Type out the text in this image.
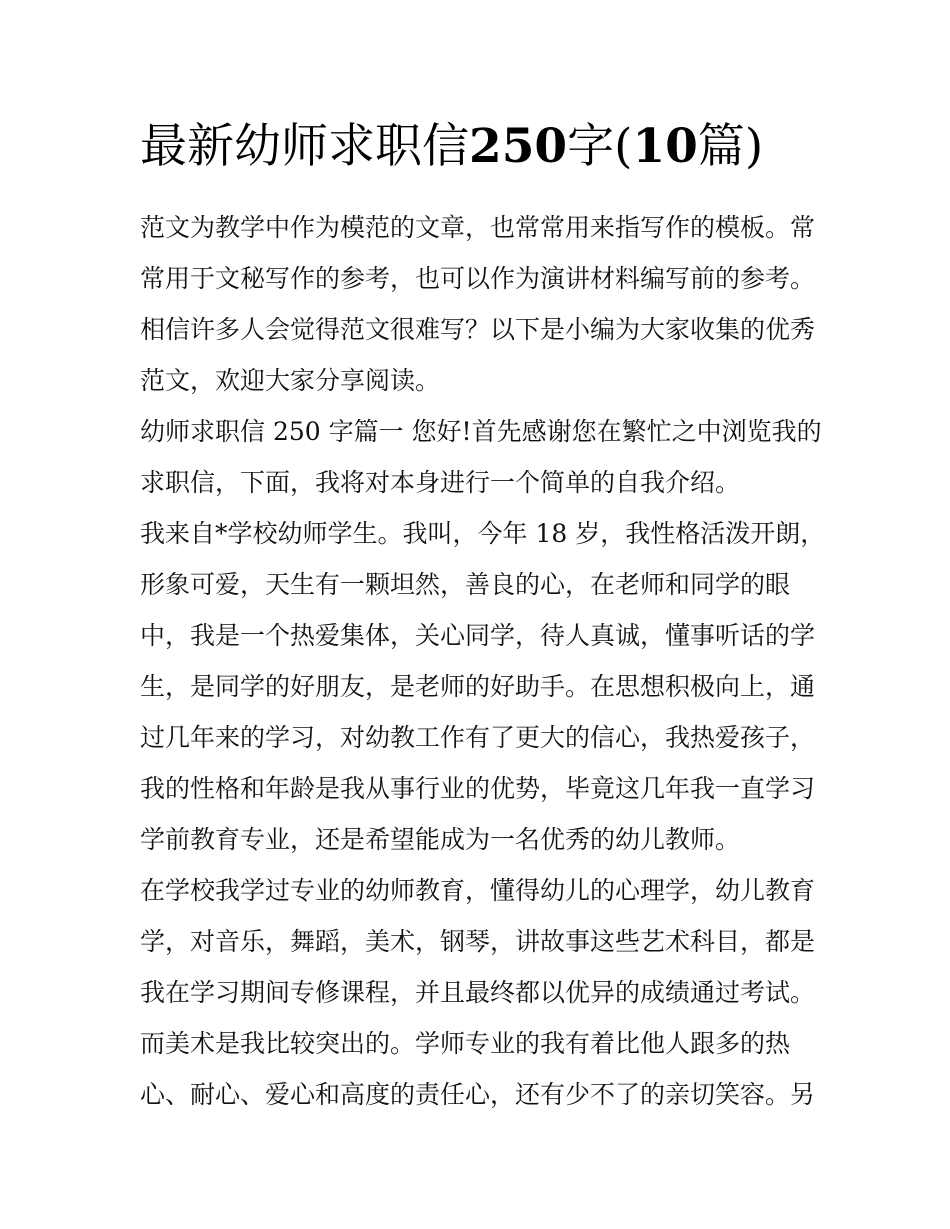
最新幼师求职信250字(10篇)
范文为教学中作为模范的文章，也常常用来指写作的模板。常
常用于文秘写作的参考，也可以作为演讲材料编写前的参考。
相信许多人会觉得范文很难写？以下是小编为大家收集的优秀
范文，欢迎大家分享阅读。
幼师求职信 250 字篇一 您好!首先感谢您在繁忙之中浏览我的
求职信，下面，我将对本身进行一个简单的自我介绍。
我来自*学校幼师学生。我叫，今年 18 岁，我性格活泼开朗，
形象可爱，天生有一颗坦然，善良的心，在老师和同学的眼
中，我是一个热爱集体，关心同学，待人真诚，懂事听话的学
生，是同学的好朋友，是老师的好助手。在思想积极向上，通
过几年来的学习，对幼教工作有了更大的信心，我热爱孩子，
我的性格和年龄是我从事行业的优势，毕竟这几年我一直学习
学前教育专业，还是希望能成为一名优秀的幼儿教师。
在学校我学过专业的幼师教育，懂得幼儿的心理学，幼儿教育
学，对音乐，舞蹈，美术，钢琴，讲故事这些艺术科目，都是
我在学习期间专修课程，并且最终都以优异的成绩通过考试。
而美术是我比较突出的。学师专业的我有着比他人跟多的热
心、耐心、爱心和高度的责任心，还有少不了的亲切笑容。另
